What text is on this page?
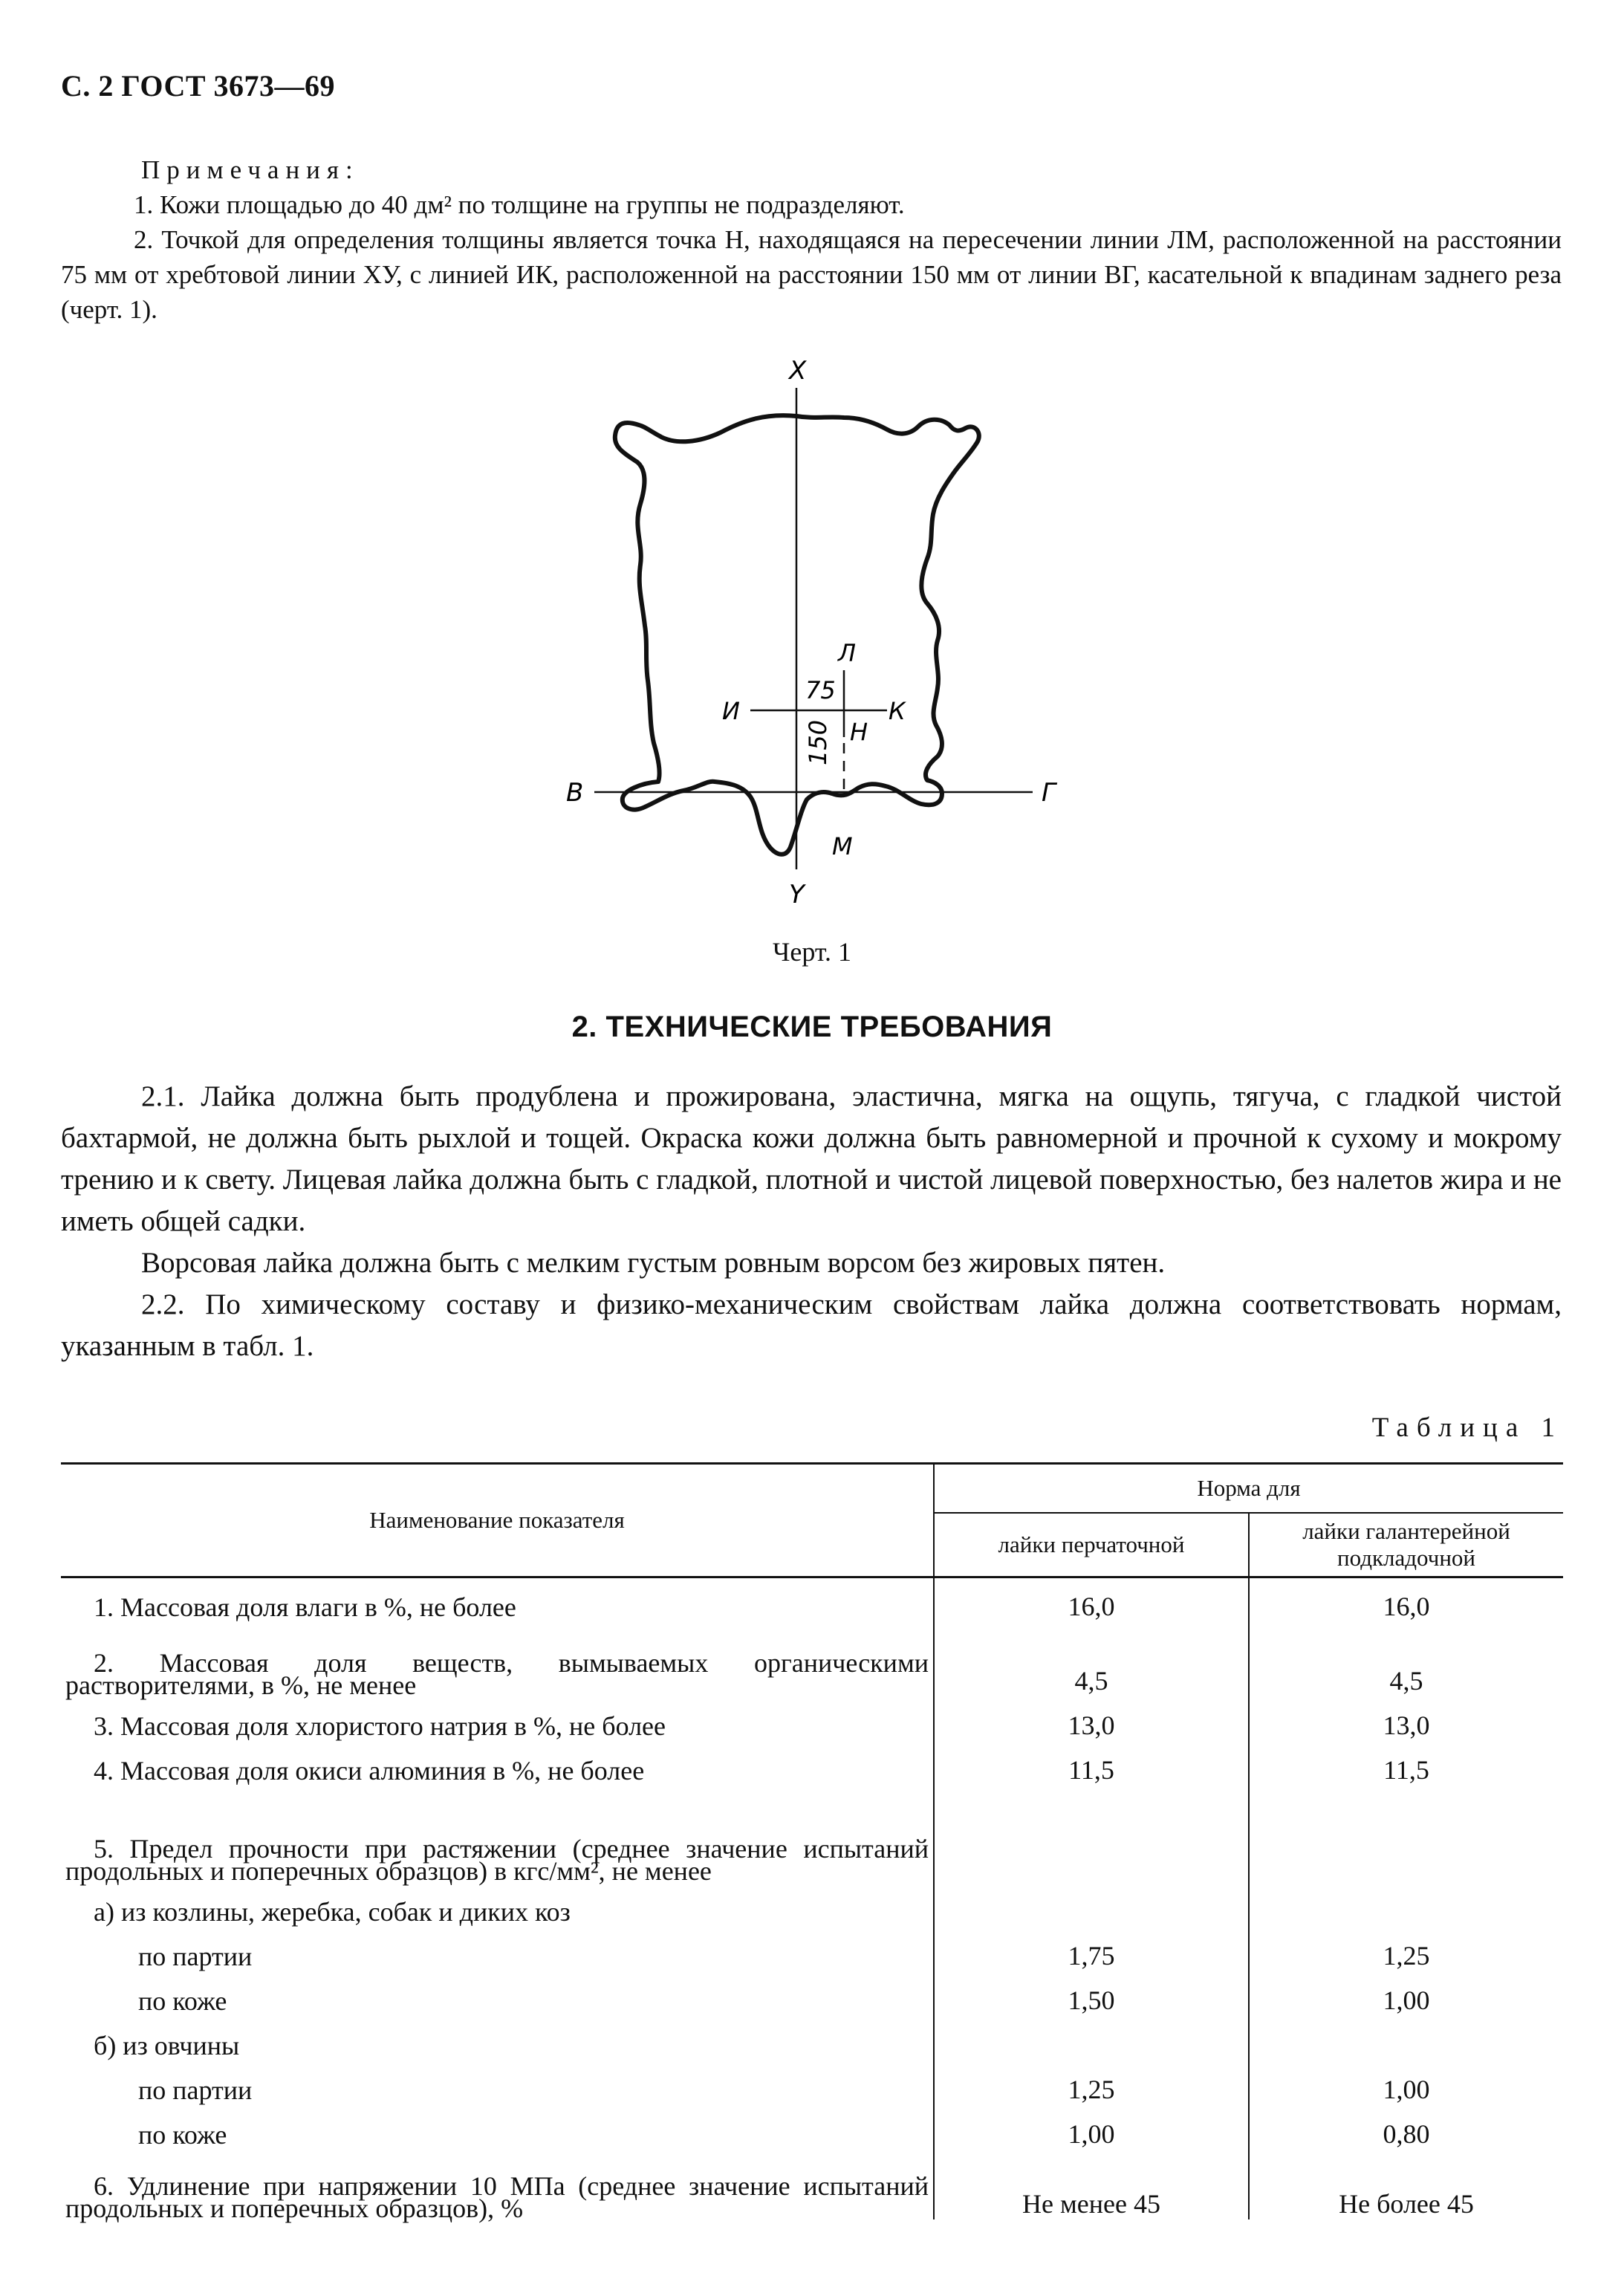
С. 2 ГОСТ 3673—69

Примечания:

1. Кожи площадью до 40 дм² по толщине на группы не подразделяют.

2. Точкой для определения толщины является точка Н, находящаяся на пересечении линии ЛМ, расположенной на расстоянии 75 мм от хребтовой линии ХУ, с линией ИК, расположенной на расстоянии 150 мм от линии ВГ, касательной к впадинам заднего реза (черт. 1).

X
Y
Л
И	К
Н
М
В	Г
75
150
Черт. 1
2. ТЕХНИЧЕСКИЕ ТРЕБОВАНИЯ

2.1. Лайка должна быть продублена и прожирована, эластична, мягка на ощупь, тягуча, с гладкой чистой бахтармой, не должна быть рыхлой и тощей. Окраска кожи должна быть равномерной и прочной к сухому и мокрому трению и к свету. Лицевая лайка должна быть с гладкой, плотной и чистой лицевой поверхностью, без налетов жира и не иметь общей садки.

Ворсовая лайка должна быть с мелким густым ровным ворсом без жировых пятен.

2.2. По химическому составу и физико-механическим свойствам лайка должна соответствовать нормам, указанным в табл. 1.

Таблица 1
Наименование показателя	Норма для	
	лайки перчаточной	лайки галантерейной подкладочной
1. Массовая доля влаги в %, не более	16,0	16,0
2. Массовая доля веществ, вымываемых органическими растворителями, в %, не менее	4,5	4,5
3. Массовая доля хлористого натрия в %, не более	13,0	13,0
4. Массовая доля окиси алюминия в %, не более	11,5	11,5
5. Предел прочности при растяжении (среднее значение испытаний продольных и поперечных образцов) в кгс/мм², не менее		
а) из козлины, жеребка, собак и диких коз		
по партии	1,75	1,25
по коже	1,50	1,00
б) из овчины		
по партии	1,25	1,00
по коже	1,00	0,80
6. Удлинение при напряжении 10 МПа (среднее значение испытаний продольных и поперечных образцов), %	Не менее 45	Не более 45
